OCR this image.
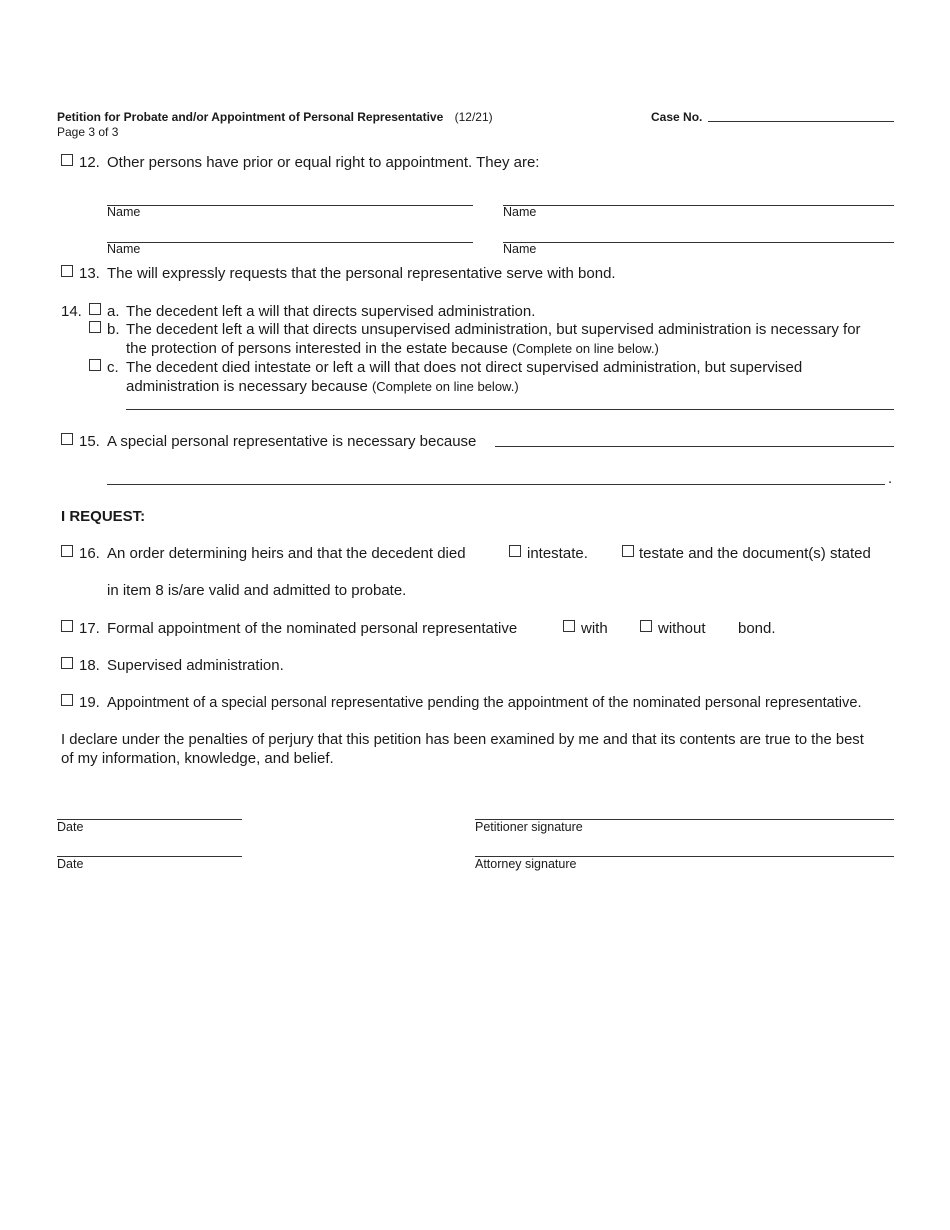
Petition for Probate and/or Appointment of Personal Representative (12/21)	Case No.
Page 3 of 3
12. Other persons have prior or equal right to appointment. They are:
Name	Name
Name	Name
13. The will expressly requests that the personal representative serve with bond.
14. a. The decedent left a will that directs supervised administration.
b. The decedent left a will that directs unsupervised administration, but supervised administration is necessary for
the protection of persons interested in the estate because (Complete on line below.)
c. The decedent died intestate or left a will that does not direct supervised administration, but supervised
administration is necessary because (Complete on line below.)
15. A special personal representative is necessary because
.
I REQUEST:
16. An order determining heirs and that the decedent died	intestate.	testate and the document(s) stated
in item 8 is/are valid and admitted to probate.
17. Formal appointment of the nominated personal representative	with	without bond.
18. Supervised administration.
19. Appointment of a special personal representative pending the appointment of the nominated personal representative.
I declare under the penalties of perjury that this petition has been examined by me and that its contents are true to the best
of my information, knowledge, and belief.
Date	Petitioner signature
Date	Attorney signature
